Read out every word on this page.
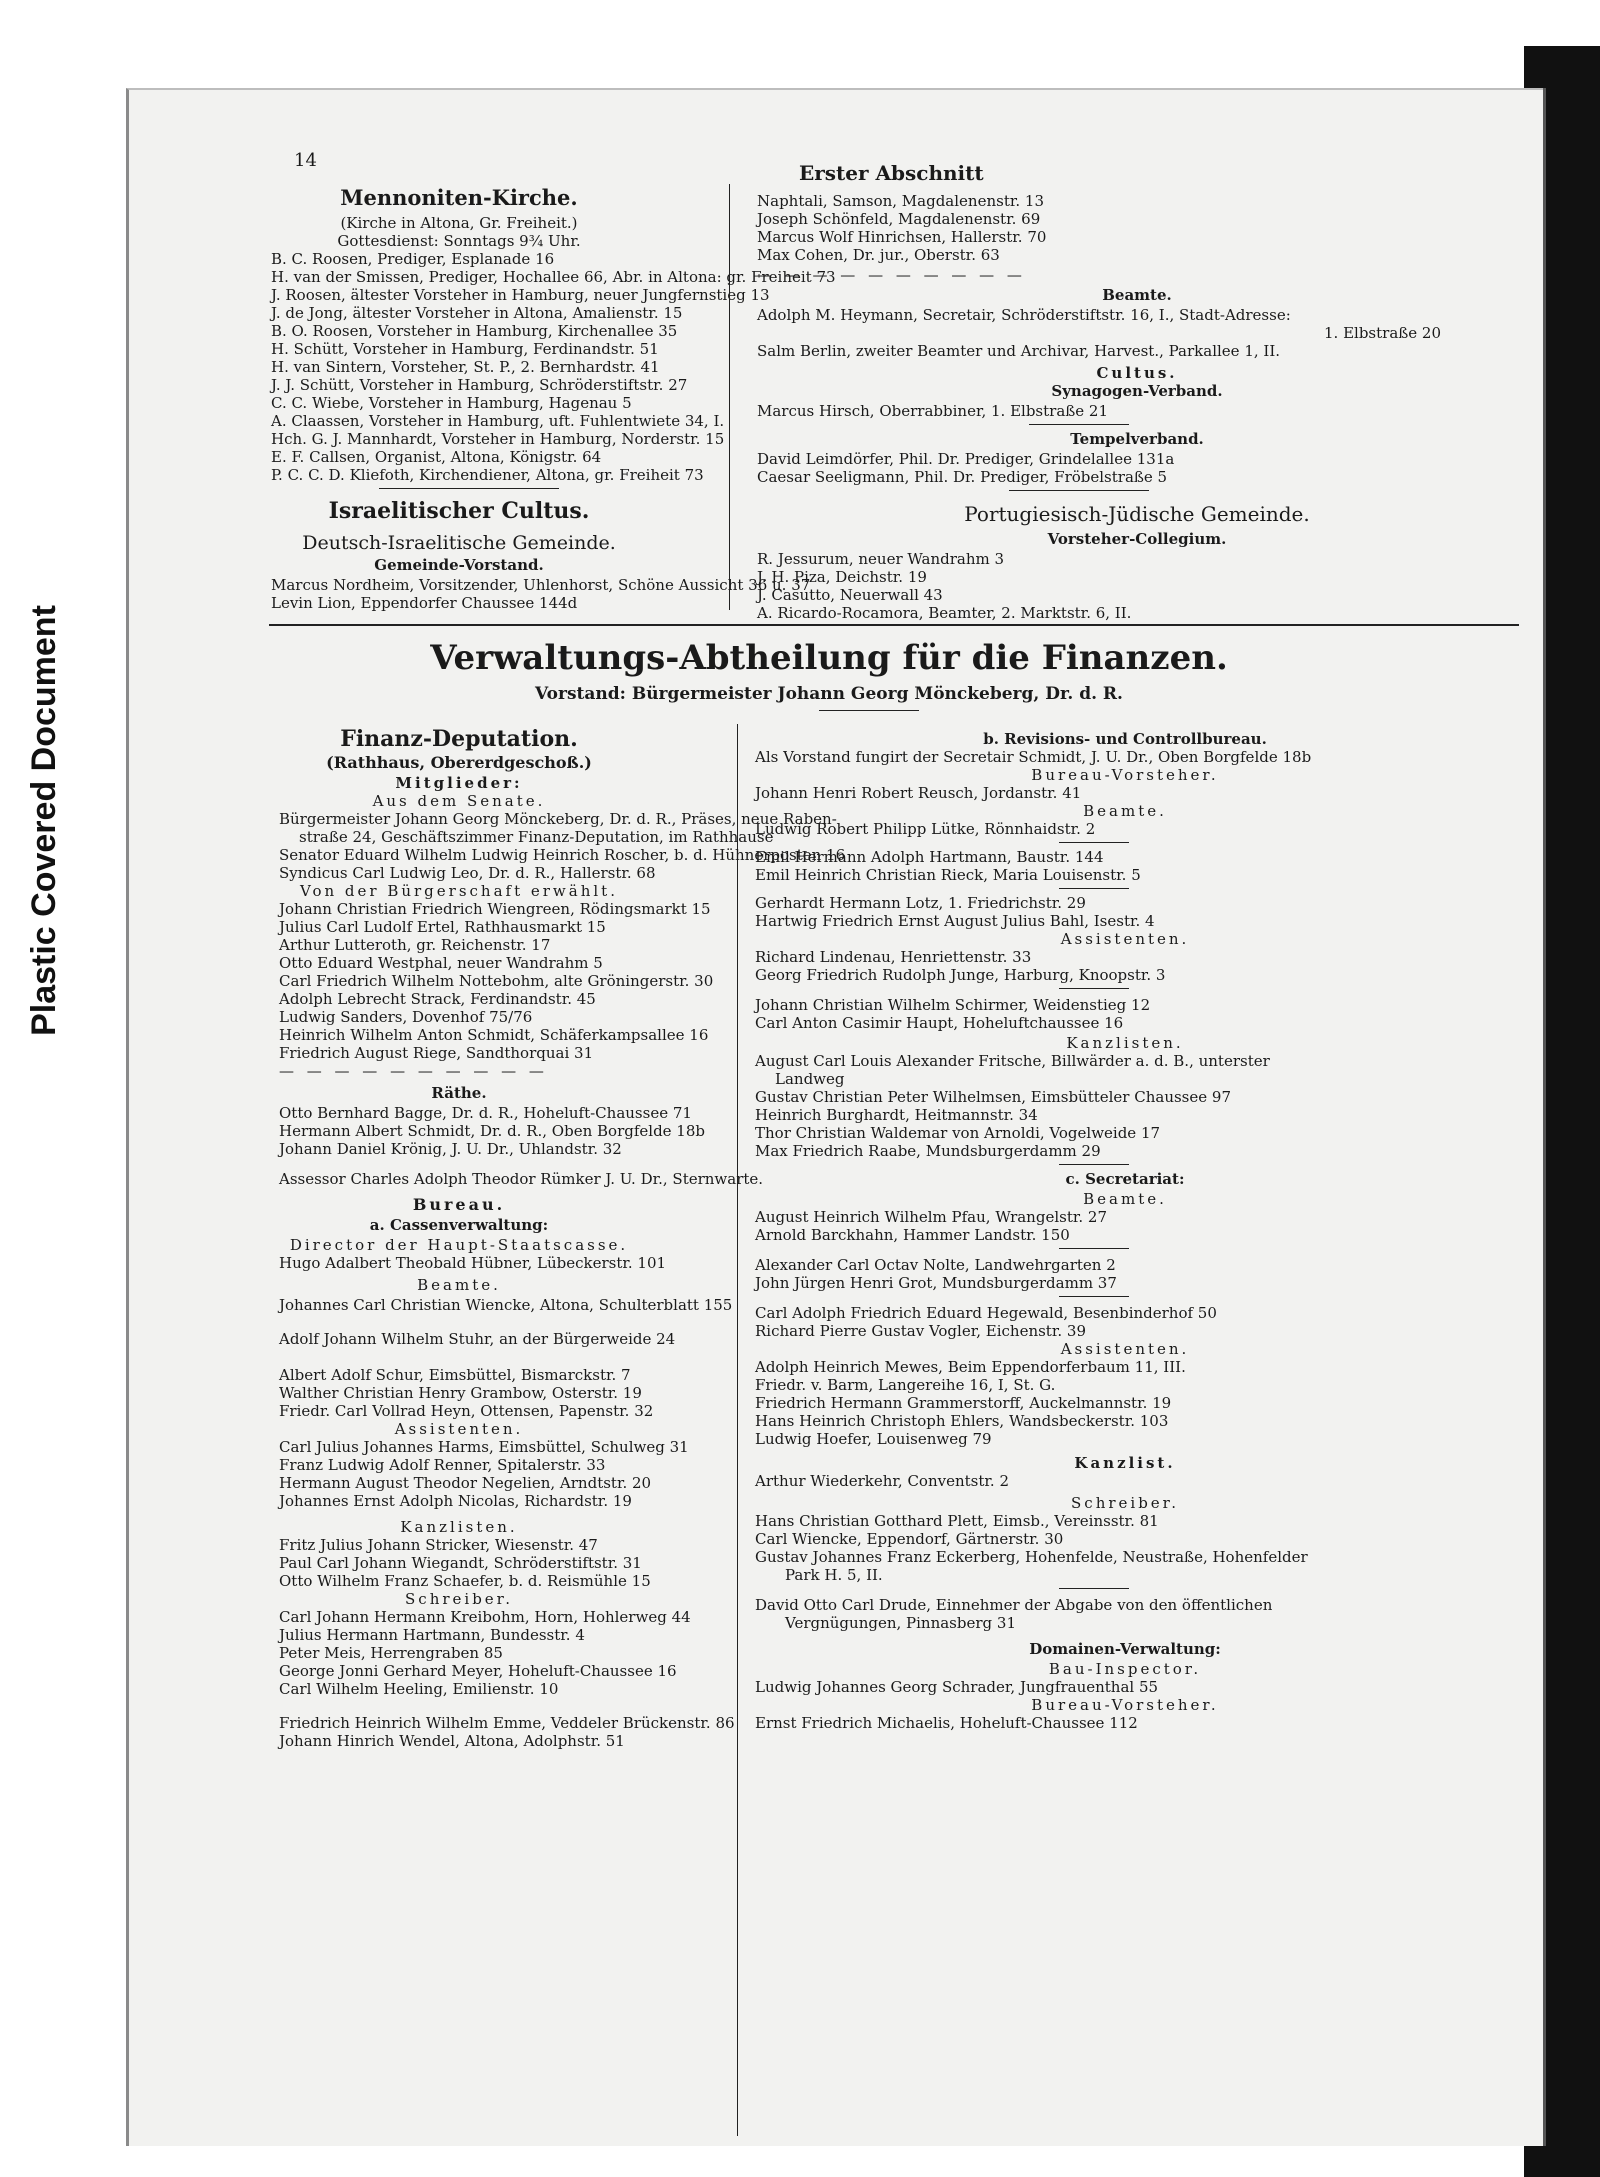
Plastic Covered Document
14
Erster Abschnitt
Mennoniten-Kirche.
(Kirche in Altona, Gr. Freiheit.)
Gottesdienst: Sonntags 9¾ Uhr.
B. C. Roosen, Prediger, Esplanade 16
H. van der Smissen, Prediger, Hochallee 66, Abr. in Altona: gr. Freiheit 73
J. Roosen, ältester Vorsteher in Hamburg, neuer Jungfernstieg 13
J. de Jong, ältester Vorsteher in Altona, Amalienstr. 15
B. O. Roosen, Vorsteher in Hamburg, Kirchenallee 35
H. Schütt, Vorsteher in Hamburg, Ferdinandstr. 51
H. van Sintern, Vorsteher, St. P., 2. Bernhardstr. 41
J. J. Schütt, Vorsteher in Hamburg, Schröderstiftstr. 27
C. C. Wiebe, Vorsteher in Hamburg, Hagenau 5
A. Claassen, Vorsteher in Hamburg, uft. Fuhlentwiete 34, I.
Hch. G. J. Mannhardt, Vorsteher in Hamburg, Norderstr. 15
E. F. Callsen, Organist, Altona, Königstr. 64
P. C. C. D. Kliefoth, Kirchendiener, Altona, gr. Freiheit 73
Israelitischer Cultus.
Deutsch-Israelitische Gemeinde.
Gemeinde-Vorstand.
Marcus Nordheim, Vorsitzender, Uhlenhorst, Schöne Aussicht 36 u. 37
Levin Lion, Eppendorfer Chaussee 144d
Naphtali, Samson, Magdalenenstr. 13
Joseph Schönfeld, Magdalenenstr. 69
Marcus Wolf Hinrichsen, Hallerstr. 70
Max Cohen, Dr. jur., Oberstr. 63
— — — — — — — — — —
Beamte.
Adolph M. Heymann, Secretair, Schröderstiftstr. 16, I., Stadt-Adresse:
1. Elbstraße 20
Salm Berlin, zweiter Beamter und Archivar, Harvest., Parkallee 1, II.
Cultus.
Synagogen-Verband.
Marcus Hirsch, Oberrabbiner, 1. Elbstraße 21
Tempelverband.
David Leimdörfer, Phil. Dr. Prediger, Grindelallee 131a
Caesar Seeligmann, Phil. Dr. Prediger, Fröbelstraße 5
Portugiesisch-Jüdische Gemeinde.
Vorsteher-Collegium.
R. Jessurum, neuer Wandrahm 3
J. H. Piza, Deichstr. 19
J. Casutto, Neuerwall 43
A. Ricardo-Rocamora, Beamter, 2. Marktstr. 6, II.
Verwaltungs-Abtheilung für die Finanzen.
Vorstand: Bürgermeister Johann Georg Mönckeberg, Dr. d. R.
Finanz-Deputation.
(Rathhaus, Obererdgeschoß.)
Mitglieder:
Aus dem Senate.
Bürgermeister Johann Georg Mönckeberg, Dr. d. R., Präses, neue Raben-
straße 24, Geschäftszimmer Finanz-Deputation, im Rathhause
Senator Eduard Wilhelm Ludwig Heinrich Roscher, b. d. Hühnerposten 16
Syndicus Carl Ludwig Leo, Dr. d. R., Hallerstr. 68
Von der Bürgerschaft erwählt.
Johann Christian Friedrich Wiengreen, Rödingsmarkt 15
Julius Carl Ludolf Ertel, Rathhausmarkt 15
Arthur Lutteroth, gr. Reichenstr. 17
Otto Eduard Westphal, neuer Wandrahm 5
Carl Friedrich Wilhelm Nottebohm, alte Gröningerstr. 30
Adolph Lebrecht Strack, Ferdinandstr. 45
Ludwig Sanders, Dovenhof 75/76
Heinrich Wilhelm Anton Schmidt, Schäferkampsallee 16
Friedrich August Riege, Sandthorquai 31
— — — — — — — — — —
Räthe.
Otto Bernhard Bagge, Dr. d. R., Hoheluft-Chaussee 71
Hermann Albert Schmidt, Dr. d. R., Oben Borgfelde 18b
Johann Daniel Krönig, J. U. Dr., Uhlandstr. 32
Assessor Charles Adolph Theodor Rümker J. U. Dr., Sternwarte.
Bureau.
a. Cassenverwaltung:
Director der Haupt-Staatscasse.
Hugo Adalbert Theobald Hübner, Lübeckerstr. 101
Beamte.
Johannes Carl Christian Wiencke, Altona, Schulterblatt 155
Adolf Johann Wilhelm Stuhr, an der Bürgerweide 24
Albert Adolf Schur, Eimsbüttel, Bismarckstr. 7
Walther Christian Henry Grambow, Osterstr. 19
Friedr. Carl Vollrad Heyn, Ottensen, Papenstr. 32
Assistenten.
Carl Julius Johannes Harms, Eimsbüttel, Schulweg 31
Franz Ludwig Adolf Renner, Spitalerstr. 33
Hermann August Theodor Negelien, Arndtstr. 20
Johannes Ernst Adolph Nicolas, Richardstr. 19
Kanzlisten.
Fritz Julius Johann Stricker, Wiesenstr. 47
Paul Carl Johann Wiegandt, Schröderstiftstr. 31
Otto Wilhelm Franz Schaefer, b. d. Reismühle 15
Schreiber.
Carl Johann Hermann Kreibohm, Horn, Hohlerweg 44
Julius Hermann Hartmann, Bundesstr. 4
Peter Meis, Herrengraben 85
George Jonni Gerhard Meyer, Hoheluft-Chaussee 16
Carl Wilhelm Heeling, Emilienstr. 10
Friedrich Heinrich Wilhelm Emme, Veddeler Brückenstr. 86
Johann Hinrich Wendel, Altona, Adolphstr. 51
b. Revisions- und Controllbureau.
Als Vorstand fungirt der Secretair Schmidt, J. U. Dr., Oben Borgfelde 18b
Bureau-Vorsteher.
Johann Henri Robert Reusch, Jordanstr. 41
Beamte.
Ludwig Robert Philipp Lütke, Rönnhaidstr. 2
Emil Hermann Adolph Hartmann, Baustr. 144
Emil Heinrich Christian Rieck, Maria Louisenstr. 5
Gerhardt Hermann Lotz, 1. Friedrichstr. 29
Hartwig Friedrich Ernst August Julius Bahl, Isestr. 4
Assistenten.
Richard Lindenau, Henriettenstr. 33
Georg Friedrich Rudolph Junge, Harburg, Knoopstr. 3
Johann Christian Wilhelm Schirmer, Weidenstieg 12
Carl Anton Casimir Haupt, Hoheluftchaussee 16
Kanzlisten.
August Carl Louis Alexander Fritsche, Billwärder a. d. B., unterster
Landweg
Gustav Christian Peter Wilhelmsen, Eimsbütteler Chaussee 97
Heinrich Burghardt, Heitmannstr. 34
Thor Christian Waldemar von Arnoldi, Vogelweide 17
Max Friedrich Raabe, Mundsburgerdamm 29
c. Secretariat:
Beamte.
August Heinrich Wilhelm Pfau, Wrangelstr. 27
Arnold Barckhahn, Hammer Landstr. 150
Alexander Carl Octav Nolte, Landwehrgarten 2
John Jürgen Henri Grot, Mundsburgerdamm 37
Carl Adolph Friedrich Eduard Hegewald, Besenbinderhof 50
Richard Pierre Gustav Vogler, Eichenstr. 39
Assistenten.
Adolph Heinrich Mewes, Beim Eppendorferbaum 11, III.
Friedr. v. Barm, Langereihe 16, I, St. G.
Friedrich Hermann Grammerstorff, Auckelmannstr. 19
Hans Heinrich Christoph Ehlers, Wandsbeckerstr. 103
Ludwig Hoefer, Louisenweg 79
Kanzlist.
Arthur Wiederkehr, Conventstr. 2
Schreiber.
Hans Christian Gotthard Plett, Eimsb., Vereinsstr. 81
Carl Wiencke, Eppendorf, Gärtnerstr. 30
Gustav Johannes Franz Eckerberg, Hohenfelde, Neustraße, Hohenfelder
Park H. 5, II.
David Otto Carl Drude, Einnehmer der Abgabe von den öffentlichen
Vergnügungen, Pinnasberg 31
Domainen-Verwaltung:
Bau-Inspector.
Ludwig Johannes Georg Schrader, Jungfrauenthal 55
Bureau-Vorsteher.
Ernst Friedrich Michaelis, Hoheluft-Chaussee 112
